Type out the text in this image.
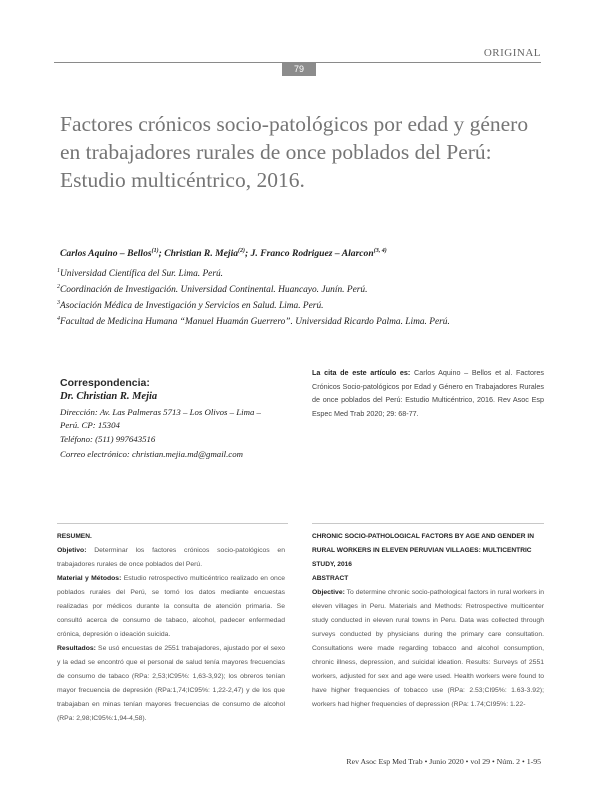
ORIGINAL
79
Factores crónicos socio-patológicos por edad y género en trabajadores rurales de once poblados del Perú: Estudio multicéntrico, 2016.
Carlos Aquino – Bellos$^{(1)}$; Christian R. Mejia$^{(2)}$; J. Franco Rodriguez – Alarcon$^{(3, 4)}$
$^1$Universidad Científica del Sur. Lima. Perú.
$^2$Coordinación de Investigación. Universidad Continental. Huancayo. Junín. Perú.
$^3$Asociación Médica de Investigación y Servicios en Salud. Lima. Perú.
$^4$Facultad de Medicina Humana “Manuel Huamán Guerrero”. Universidad Ricardo Palma. Lima. Perú.
La cita de este artículo es: Carlos Aquino – Bellos et al. Factores Crónicos Socio-patológicos por Edad y Género en Trabajadores Rurales de once poblados del Perú: Estudio Multicéntrico, 2016. Rev Asoc Esp Espec Med Trab 2020; 29: 68-77.
Correspondencia:
Dr. Christian R. Mejia
Dirección: Av. Las Palmeras 5713 – Los Olivos – Lima –
Perú. CP: 15304
Teléfono: (511) 997643516
Correo electrónico: christian.mejia.md@gmail.com

RESUMEN.

Objetivo: Determinar los factores crónicos socio-patológicos en trabajadores rurales de once poblados del Perú.

Material y Métodos: Estudio retrospectivo multicéntrico realizado en once poblados rurales del Perú, se tomó los datos mediante encuestas realizadas por médicos durante la consulta de atención primaria. Se consultó acerca de consumo de tabaco, alcohol, padecer enfermedad crónica, depresión o ideación suicida.

Resultados: Se usó encuestas de 2551 trabajadores, ajustado por el sexo y la edad se encontró que el personal de salud tenía mayores frecuencias de consumo de tabaco (RPa: 2,53;IC95%: 1,63-3,92); los obreros tenían mayor frecuencia de depresión (RPa:1,74;IC95%: 1,22-2,47) y de los que trabajaban en minas tenían mayores frecuencias de consumo de alcohol (RPa: 2,98;IC95%:1,94-4,58).

CHRONIC SOCIO-PATHOLOGICAL FACTORS BY AGE AND GENDER IN RURAL WORKERS IN ELEVEN PERUVIAN VILLAGES: MULTICENTRIC STUDY, 2016

ABSTRACT

Objective: To determine chronic socio-pathological factors in rural workers in eleven villages in Peru. Materials and Methods: Retrospective multicenter study conducted in eleven rural towns in Peru. Data was collected through surveys conducted by physicians during the primary care consultation. Consultations were made regarding tobacco and alcohol consumption, chronic illness, depression, and suicidal ideation. Results: Surveys of 2551 workers, adjusted for sex and age were used. Health workers were found to have higher frequencies of tobacco use (RPa: 2.53;CI95%: 1.63-3.92); workers had higher frequencies of depression (RPa: 1.74;CI95%: 1.22-

Rev Asoc Esp Med Trab • Junio 2020 • vol 29 • Núm. 2 • 1-95
